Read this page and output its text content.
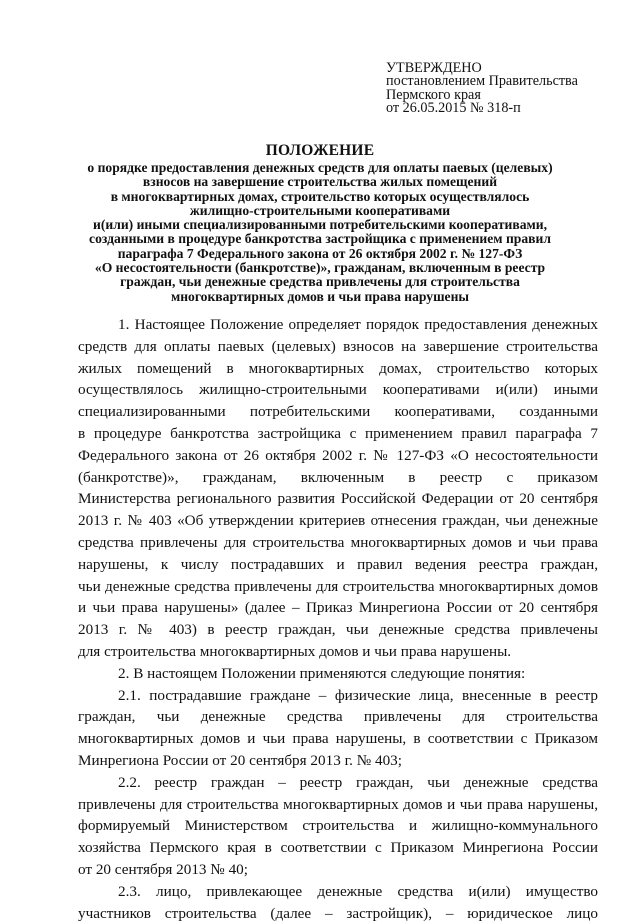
УТВЕРЖДЕНО
постановлением Правительства
Пермского края
от 26.05.2015 № 318-п
ПОЛОЖЕНИЕ
о порядке предоставления денежных средств для оплаты паевых (целевых)
взносов на завершение строительства жилых помещений
в многоквартирных домах, строительство которых осуществлялось
жилищно-строительными кооперативами
и(или) иными специализированными потребительскими кооперативами,
созданными в процедуре банкротства застройщика с применением правил
параграфа 7 Федерального закона от 26 октября 2002 г. № 127-ФЗ
«О несостоятельности (банкротстве)», гражданам, включенным в реестр
граждан, чьи денежные средства привлечены для строительства
многоквартирных домов и чьи права нарушены
1. Настоящее Положение определяет порядок предоставления денежных
средств для оплаты паевых (целевых) взносов на завершение строительства
жилых помещений в многоквартирных домах, строительство которых
осуществлялось жилищно-строительными кооперативами и(или) иными
специализированными потребительскими кооперативами, созданными
в процедуре банкротства застройщика с применением правил параграфа 7
Федерального закона от 26 октября 2002 г. № 127-ФЗ «О несостоятельности
(банкротстве)», гражданам, включенным в реестр с приказом
Министерства регионального развития Российской Федерации от 20 сентября
2013 г. № 403 «Об утверждении критериев отнесения граждан, чьи денежные
средства привлечены для строительства многоквартирных домов и чьи права
нарушены, к числу пострадавших и правил ведения реестра граждан,
чьи денежные средства привлечены для строительства многоквартирных домов
и чьи права нарушены» (далее – Приказ Минрегиона России от 20 сентября
2013 г. № 403) в реестр граждан, чьи денежные средства привлечены
для строительства многоквартирных домов и чьи права нарушены.
2. В настоящем Положении применяются следующие понятия:
2.1. пострадавшие граждане – физические лица, внесенные в реестр
граждан, чьи денежные средства привлечены для строительства
многоквартирных домов и чьи права нарушены, в соответствии с Приказом
Минрегиона России от 20 сентября 2013 г. № 403;
2.2. реестр граждан – реестр граждан, чьи денежные средства
привлечены для строительства многоквартирных домов и чьи права нарушены,
формируемый Министерством строительства и жилищно-коммунального
хозяйства Пермского края в соответствии с Приказом Минрегиона России
от 20 сентября 2013 № 40;
2.3. лицо, привлекающее денежные средства и(или) имущество
участников строительства (далее – застройщик), – юридическое лицо
